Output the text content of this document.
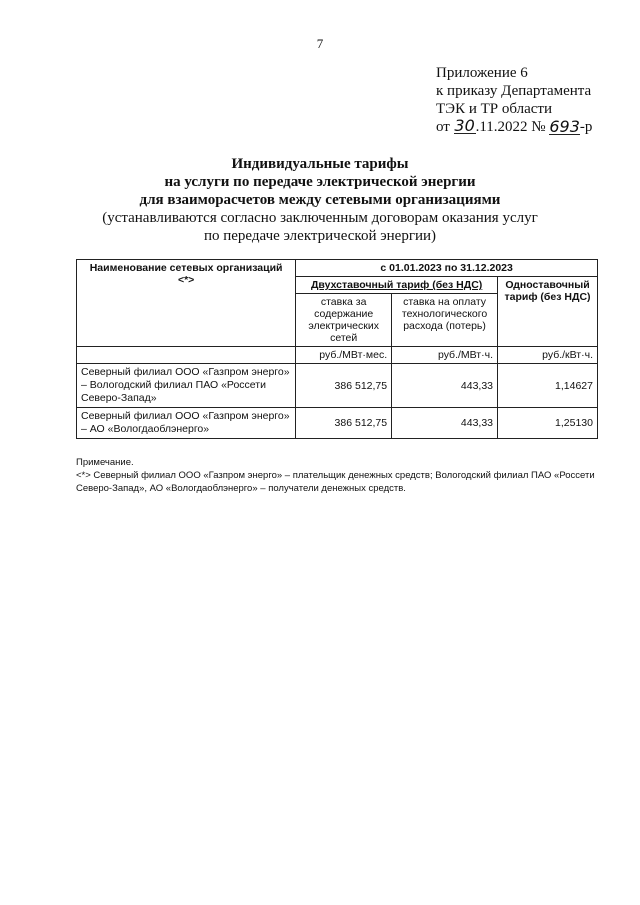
7
Приложение 6
к приказу Департамента
ТЭК и ТР области
от 30.11.2022 № 693-р
Индивидуальные тарифы
на услуги по передаче электрической энергии
для взаиморасчетов между сетевыми организациями
(устанавливаются согласно заключенным договорам оказания услуг
по передаче электрической энергии)
Наименование сетевых организаций <*>	с 01.01.2023 по 31.12.2023		
	Двухставочный тариф (без НДС)		Одноставочный тариф (без НДС)
	ставка за содержание электрических сетей	ставка на оплату технологического расхода (потерь)	
	руб./МВт·мес.	руб./МВт·ч.	руб./кВт·ч.
Северный филиал ООО «Газпром энерго» – Вологодский филиал ПАО «Россети Северо-Запад»	386 512,75	443,33	1,14627
Северный филиал ООО «Газпром энерго» – АО «Вологдаоблэнерго»	386 512,75	443,33	1,25130
Примечание.
<*> Северный филиал ООО «Газпром энерго» – плательщик денежных средств; Вологодский филиал ПАО «Россети Северо-Запад», АО «Вологдаоблэнерго» – получатели денежных средств.
